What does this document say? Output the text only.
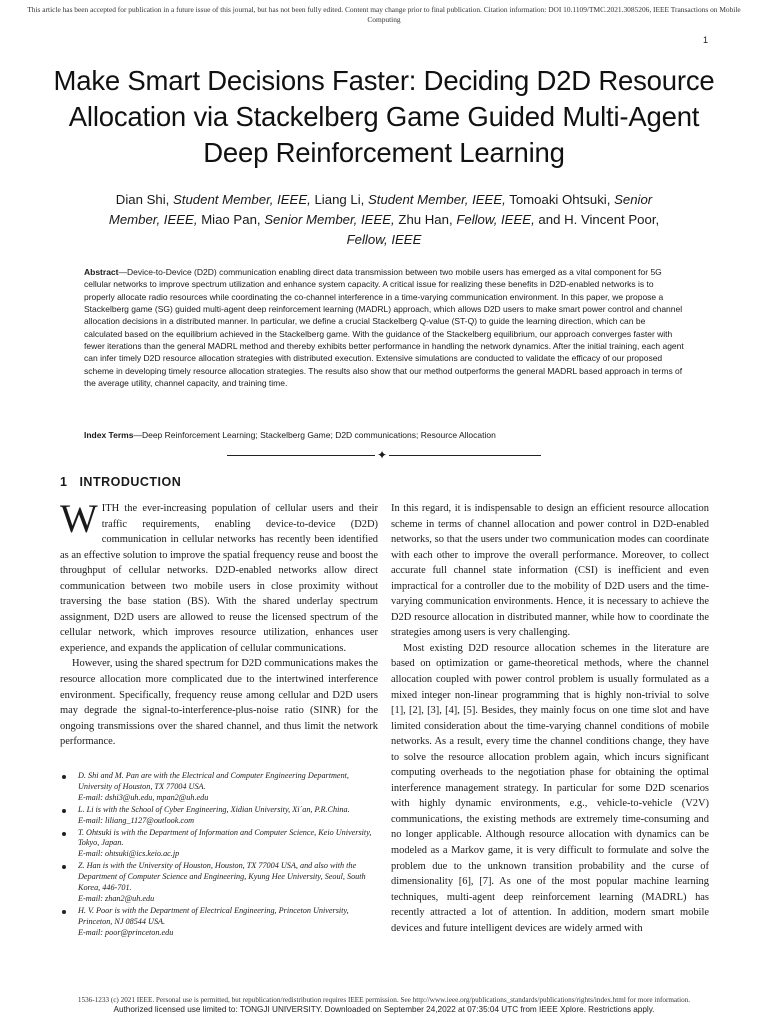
This article has been accepted for publication in a future issue of this journal, but has not been fully edited. Content may change prior to final publication. Citation information: DOI 10.1109/TMC.2021.3085206, IEEE Transactions on Mobile Computing
1
Make Smart Decisions Faster: Deciding D2D Resource Allocation via Stackelberg Game Guided Multi-Agent Deep Reinforcement Learning
Dian Shi, Student Member, IEEE, Liang Li, Student Member, IEEE, Tomoaki Ohtsuki, Senior Member, IEEE, Miao Pan, Senior Member, IEEE, Zhu Han, Fellow, IEEE, and H. Vincent Poor, Fellow, IEEE
Abstract—Device-to-Device (D2D) communication enabling direct data transmission between two mobile users has emerged as a vital component for 5G cellular networks to improve spectrum utilization and enhance system capacity. A critical issue for realizing these benefits in D2D-enabled networks is to properly allocate radio resources while coordinating the co-channel interference in a time-varying communication environment. In this paper, we propose a Stackelberg game (SG) guided multi-agent deep reinforcement learning (MADRL) approach, which allows D2D users to make smart power control and channel allocation decisions in a distributed manner. In particular, we define a crucial Stackelberg Q-value (ST-Q) to guide the learning direction, which can be calculated based on the equilibrium achieved in the Stackelberg game. With the guidance of the Stackelberg equilibrium, our approach converges faster with fewer iterations than the general MADRL method and thereby exhibits better performance in handling the network dynamics. After the initial training, each agent can infer timely D2D resource allocation strategies with distributed execution. Extensive simulations are conducted to validate the efficacy of our proposed scheme in developing timely resource allocation strategies. The results also show that our method outperforms the general MADRL based approach in terms of the average utility, channel capacity, and training time.
Index Terms—Deep Reinforcement Learning; Stackelberg Game; D2D communications; Resource Allocation
✦
1 INTRODUCTION

WITH the ever-increasing population of cellular users and their traffic requirements, enabling device-to-device (D2D) communication in cellular networks has recently been identified as an effective solution to improve the spatial frequency reuse and boost the throughput of cellular networks. D2D-enabled networks allow direct communication between two mobile users in close proximity without traversing the base station (BS). With the shared underlay spectrum assignment, D2D users are allowed to reuse the licensed spectrum of the cellular network, which improves resource utilization, enhances user experience, and expands the application of cellular communications.

However, using the shared spectrum for D2D communications makes the resource allocation more complicated due to the intertwined interference environment. Specifically, frequency reuse among cellular and D2D users may degrade the signal-to-interference-plus-noise ratio (SINR) for the ongoing transmissions over the shared channel, and thus limit the network performance.

D. Shi and M. Pan are with the Electrical and Computer Engineering Department, University of Houston, TX 77004 USA.
E-mail: dshi3@uh.edu, mpan2@uh.edu
L. Li is with the School of Cyber Engineering, Xidian University, Xi´an, P.R.China.
E-mail: liliang_1127@outlook.com
T. Ohtsuki is with the Department of Information and Computer Science, Keio University, Tokyo, Japan.
E-mail: ohtsuki@ics.keio.ac.jp
Z. Han is with the University of Houston, Houston, TX 77004 USA, and also with the Department of Computer Science and Engineering, Kyung Hee University, Seoul, South Korea, 446-701.
E-mail: zhan2@uh.edu
H. V. Poor is with the Department of Electrical Engineering, Princeton University, Princeton, NJ 08544 USA.
E-mail: poor@princeton.edu

In this regard, it is indispensable to design an efficient resource allocation scheme in terms of channel allocation and power control in D2D-enabled networks, so that the users under two communication modes can coordinate with each other to improve the overall performance. Moreover, to collect accurate full channel state information (CSI) is inefficient and even impractical for a controller due to the mobility of D2D users and the time-varying communication environments. Hence, it is necessary to achieve the D2D resource allocation in distributed manner, while how to coordinate the strategies among users is very challenging.

Most existing D2D resource allocation schemes in the literature are based on optimization or game-theoretical methods, where the channel allocation coupled with power control problem is usually formulated as a mixed integer non-linear programming that is highly non-trivial to solve [1], [2], [3], [4], [5]. Besides, they mainly focus on one time slot and have limited consideration about the time-varying channel conditions of mobile networks. As a result, every time the channel conditions change, they have to solve the resource allocation problem again, which incurs significant computing overheads to the negotiation phase for obtaining the optimal interference management strategy. In particular for some D2D scenarios with highly dynamic environments, e.g., vehicle-to-vehicle (V2V) communications, the existing methods are extremely time-consuming and no longer applicable. Although resource allocation with dynamics can be modeled as a Markov game, it is very difficult to formulate and solve the problem due to the unknown transition probability and the curse of dimensionality [6], [7]. As one of the most popular machine learning techniques, multi-agent deep reinforcement learning (MADRL) has recently attracted a lot of attention. In addition, modern smart mobile devices and future intelligent devices are widely armed with

1536-1233 (c) 2021 IEEE. Personal use is permitted, but republication/redistribution requires IEEE permission. See http://www.ieee.org/publications_standards/publications/rights/index.html for more information.
Authorized licensed use limited to: TONGJI UNIVERSITY. Downloaded on September 24,2022 at 07:35:04 UTC from IEEE Xplore. Restrictions apply.
